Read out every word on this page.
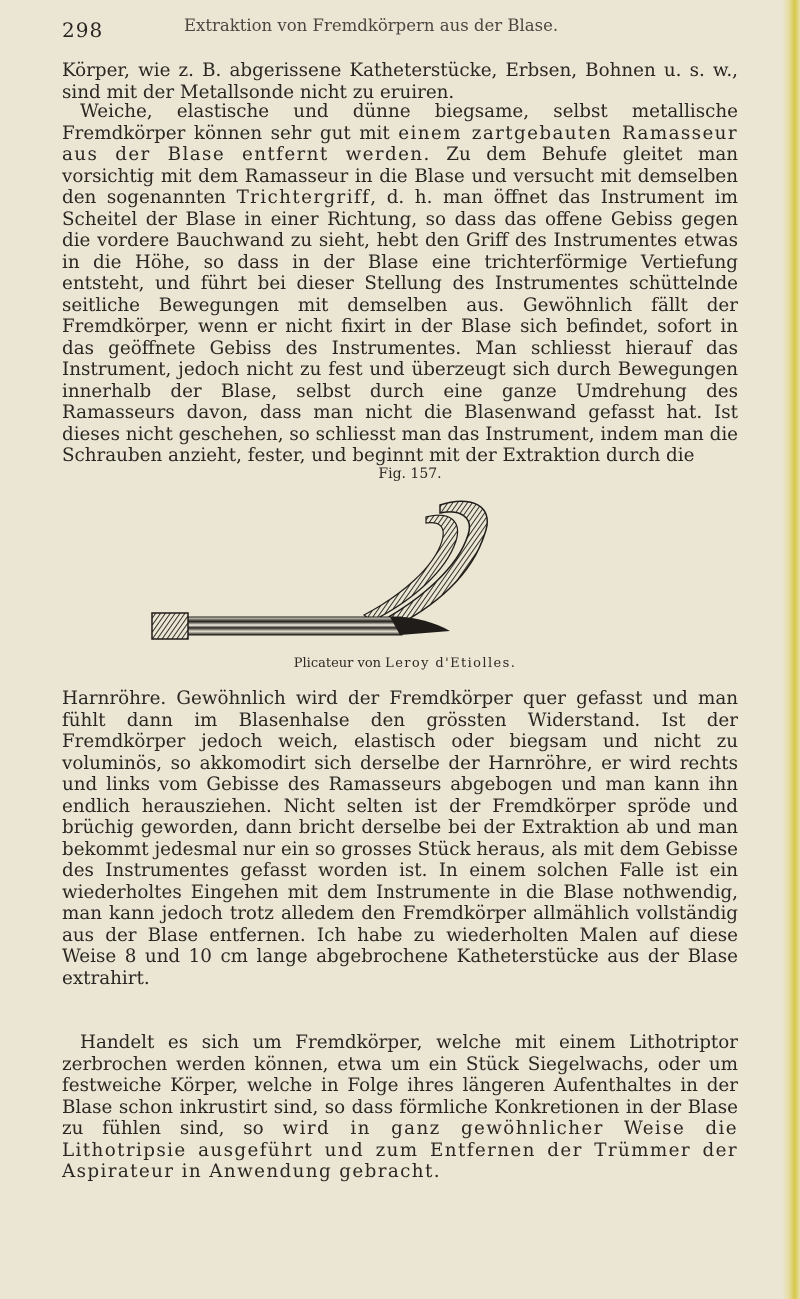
298	Extraktion von Fremdkörpern aus der Blase.

Körper, wie z. B. abgerissene Katheterstücke, Erbsen, Bohnen u. s. w., sind mit der Metallsonde nicht zu eruiren.

Weiche, elastische und dünne biegsame, selbst metallische Fremdkörper können sehr gut mit einem zartgebauten Ramasseur aus der Blase entfernt werden. Zu dem Behufe gleitet man vorsichtig mit dem Ramasseur in die Blase und versucht mit demselben den sogenannten Trichtergriff, d. h. man öffnet das Instrument im Scheitel der Blase in einer Richtung, so dass das offene Gebiss gegen die vordere Bauchwand zu sieht, hebt den Griff des Instrumentes etwas in die Höhe, so dass in der Blase eine trichterförmige Vertiefung entsteht, und führt bei dieser Stellung des Instrumentes schüttelnde seitliche Bewegungen mit demselben aus. Gewöhnlich fällt der Fremdkörper, wenn er nicht fixirt in der Blase sich befindet, sofort in das geöffnete Gebiss des Instrumentes. Man schliesst hierauf das Instrument, jedoch nicht zu fest und überzeugt sich durch Bewegungen innerhalb der Blase, selbst durch eine ganze Umdrehung des Ramasseurs davon, dass man nicht die Blasenwand gefasst hat. Ist dieses nicht geschehen, so schliesst man das Instrument, indem man die Schrauben anzieht, fester, und beginnt mit der Extraktion durch die

Fig. 157.
Plicateur von Leroy d'Etiolles.

Harnröhre. Gewöhnlich wird der Fremdkörper quer gefasst und man fühlt dann im Blasenhalse den grössten Widerstand. Ist der Fremdkörper jedoch weich, elastisch oder biegsam und nicht zu voluminös, so akkomodirt sich derselbe der Harnröhre, er wird rechts und links vom Gebisse des Ramasseurs abgebogen und man kann ihn endlich herausziehen. Nicht selten ist der Fremdkörper spröde und brüchig geworden, dann bricht derselbe bei der Extraktion ab und man bekommt jedesmal nur ein so grosses Stück heraus, als mit dem Gebisse des Instrumentes gefasst worden ist. In einem solchen Falle ist ein wiederholtes Eingehen mit dem Instrumente in die Blase nothwendig, man kann jedoch trotz alledem den Fremdkörper allmählich vollständig aus der Blase entfernen. Ich habe zu wiederholten Malen auf diese Weise 8 und 10 cm lange abgebrochene Katheterstücke aus der Blase extrahirt.

Handelt es sich um Fremdkörper, welche mit einem Lithotriptor zerbrochen werden können, etwa um ein Stück Siegelwachs, oder um festweiche Körper, welche in Folge ihres längeren Aufenthaltes in der Blase schon inkrustirt sind, so dass förmliche Konkretionen in der Blase zu fühlen sind, so wird in ganz gewöhnlicher Weise die Lithotripsie ausgeführt und zum Entfernen der Trümmer der Aspirateur in Anwendung gebracht.
